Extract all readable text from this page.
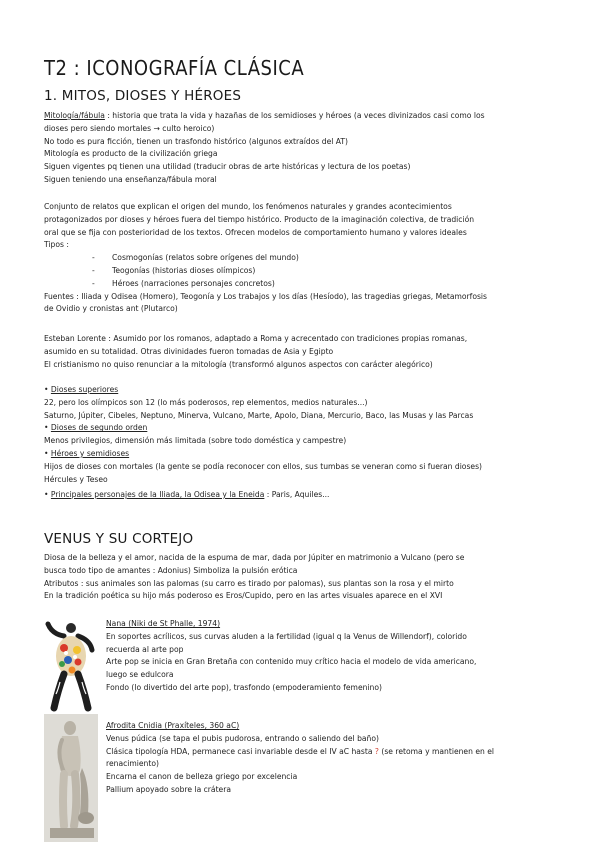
T2 : ICONOGRAFÍA CLÁSICA
1. MITOS, DIOSES Y HÉROES
Mitología/fábula : historia que trata la vida y hazañas de los semidioses y héroes (a veces divinizados casi como los
dioses pero siendo mortales → culto heroico)
No todo es pura ficción, tienen un trasfondo histórico (algunos extraídos del AT)
Mitología es producto de la civilización griega
Siguen vigentes pq tienen una utilidad (traducir obras de arte históricas y lectura de los poetas)
Siguen teniendo una enseñanza/fábula moral
Conjunto de relatos que explican el origen del mundo, los fenómenos naturales y grandes acontecimientos
protagonizados por dioses y héroes fuera del tiempo histórico. Producto de la imaginación colectiva, de tradición
oral que se fija con posterioridad de los textos. Ofrecen modelos de comportamiento humano y valores ideales
Tipos :
- Cosmogonías (relatos sobre orígenes del mundo)
- Teogonías (historias dioses olímpicos)
- Héroes (narraciones personajes concretos)
Fuentes : Iliada y Odisea (Homero), Teogonía y Los trabajos y los días (Hesíodo), las tragedias griegas, Metamorfosis
de Ovidio y cronistas ant (Plutarco)
Esteban Lorente : Asumido por los romanos, adaptado a Roma y acrecentado con tradiciones propias romanas,
asumido en su totalidad. Otras divinidades fueron tomadas de Asia y Egipto
El cristianismo no quiso renunciar a la mitología (transformó algunos aspectos con carácter alegórico)
• Dioses superiores
22, pero los olímpicos son 12 (lo más poderosos, rep elementos, medios naturales...)
Saturno, Júpiter, Cibeles, Neptuno, Minerva, Vulcano, Marte, Apolo, Diana, Mercurio, Baco, las Musas y las Parcas
• Dioses de segundo orden
Menos privilegios, dimensión más limitada (sobre todo doméstica y campestre)
• Héroes y semidioses
Hijos de dioses con mortales (la gente se podía reconocer con ellos, sus tumbas se veneran como si fueran dioses)
Hércules y Teseo
• Principales personajes de la Iliada, la Odisea y la Eneida : Paris, Aquiles...
VENUS Y SU CORTEJO
Diosa de la belleza y el amor, nacida de la espuma de mar, dada por Júpiter en matrimonio a Vulcano (pero se
busca todo tipo de amantes : Adonius) Simboliza la pulsión erótica
Atributos : sus animales son las palomas (su carro es tirado por palomas), sus plantas son la rosa y el mirto
En la tradición poética su hijo más poderoso es Eros/Cupido, pero en las artes visuales aparece en el XVI
Nana (Niki de St Phalle, 1974)
En soportes acrílicos, sus curvas aluden a la fertilidad (igual q la Venus de Willendorf), colorido
recuerda al arte pop
Arte pop se inicia en Gran Bretaña con contenido muy crítico hacia el modelo de vida americano,
luego se edulcora
Fondo (lo divertido del arte pop), trasfondo (empoderamiento femenino)
Afrodita Cnidia (Praxíteles, 360 aC)
Venus púdica (se tapa el pubis pudorosa, entrando o saliendo del baño)
Clásica tipología HDA, permanece casi invariable desde el IV aC hasta ? (se retoma y mantienen en el
renacimiento)
Encarna el canon de belleza griego por excelencia
Pallium apoyado sobre la crátera
